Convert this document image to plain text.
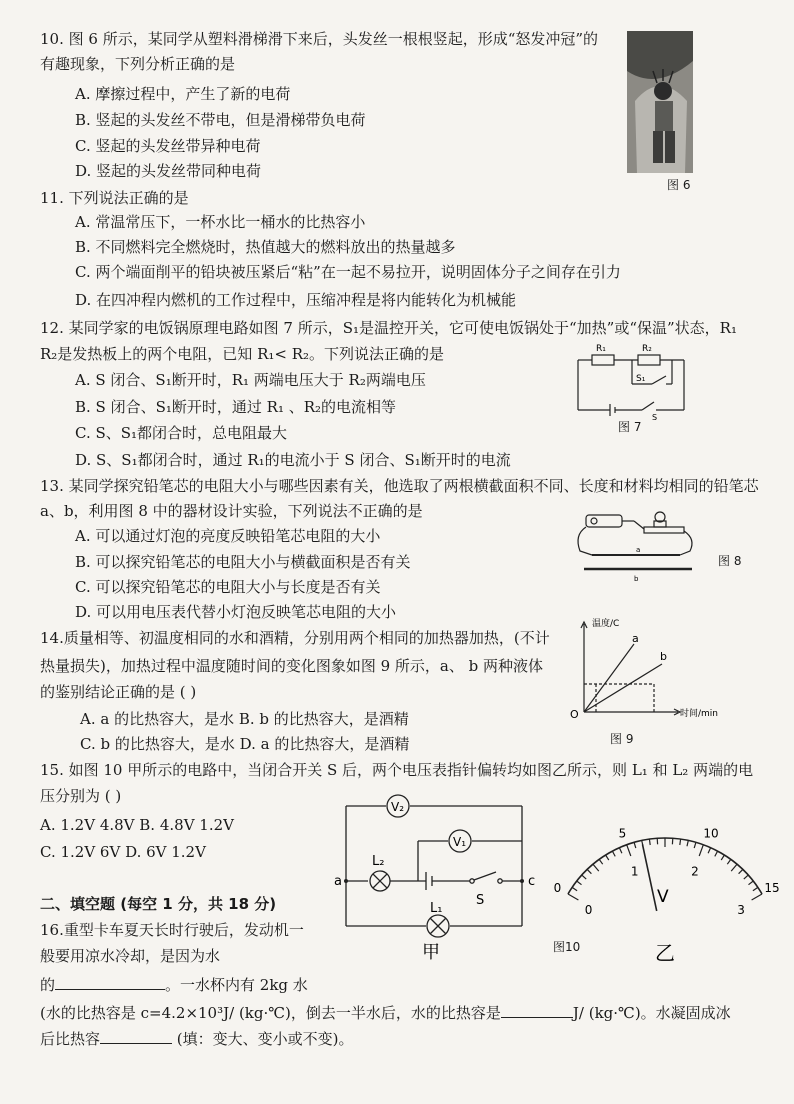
10. 图 6 所示，某同学从塑料滑梯滑下来后，头发丝一根根竖起，形成“怒发冲冠”的
有趣现象，下列分析正确的是
A. 摩擦过程中，产生了新的电荷
B. 竖起的头发丝不带电，但是滑梯带负电荷
C. 竖起的头发丝带异种电荷
D. 竖起的头发丝带同种电荷
图 6
11. 下列说法正确的是
A. 常温常压下，一杯水比一桶水的比热容小
B. 不同燃料完全燃烧时，热值越大的燃料放出的热量越多
C. 两个端面削平的铅块被压紧后“粘”在一起不易拉开，说明固体分子之间存在引力
D. 在四冲程内燃机的工作过程中，压缩冲程是将内能转化为机械能
12. 某同学家的电饭锅原理电路如图 7 所示，S₁是温控开关，它可使电饭锅处于“加热”或“保温”状态，R₁
R₂是发热板上的两个电阻，已知 R₁< R₂。下列说法正确的是
A. S 闭合、S₁断开时，R₁ 两端电压大于 R₂两端电压
B. S 闭合、S₁断开时，通过 R₁ 、R₂的电流相等
C. S、S₁都闭合时，总电阻最大
D. S、S₁都闭合时，通过 R₁的电流小于 S 闭合、S₁断开时的电流
R₁	R₂
S₁
S
图 7
13. 某同学探究铅笔芯的电阻大小与哪些因素有关，他选取了两根横截面积不同、长度和材料均相同的铅笔芯
a、b，利用图 8 中的器材设计实验，下列说法不正确的是
A. 可以通过灯泡的亮度反映铅笔芯电阻的大小
B. 可以探究铅笔芯的电阻大小与横截面积是否有关
C. 可以探究铅笔芯的电阻大小与长度是否有关
D. 可以用电压表代替小灯泡反映笔芯电阻的大小
a
b
图 8
14.质量相等、初温度相同的水和酒精，分别用两个相同的加热器加热，(不计
热量损失)，加热过程中温度随时间的变化图象如图 9 所示，a、 b 两种液体
的鉴别结论正确的是 ( )
A. a 的比热容大，是水 B. b 的比热容大，是酒精
C. b 的比热容大，是水 D. a 的比热容大，是酒精
温度/C
时间/min
O
a
b
图 9
15. 如图 10 甲所示的电路中，当闭合开关 S 后，两个电压表指针偏转均如图乙所示，则 L₁ 和 L₂ 两端的电
压分别为 ( )
A. 1.2V 4.8V B. 4.8V 1.2V
C. 1.2V 6V D. 6V 1.2V
V₂
V₁
L₂
L₁
S
a	c
甲
0
5	10
15
0
1	2
3
V
乙
图10
二、填空题 (每空 1 分，共 18 分)
16.重型卡车夏天长时行驶后，发动机一
般要用凉水冷却，是因为水
的	。一水杯内有 2kg 水
(水的比热容是 c=4.2×10³J/ (kg·℃)，倒去一半水后，水的比热容是	J/ (kg·℃)。水凝固成冰
后比热容	(填：变大、变小或不变)。
